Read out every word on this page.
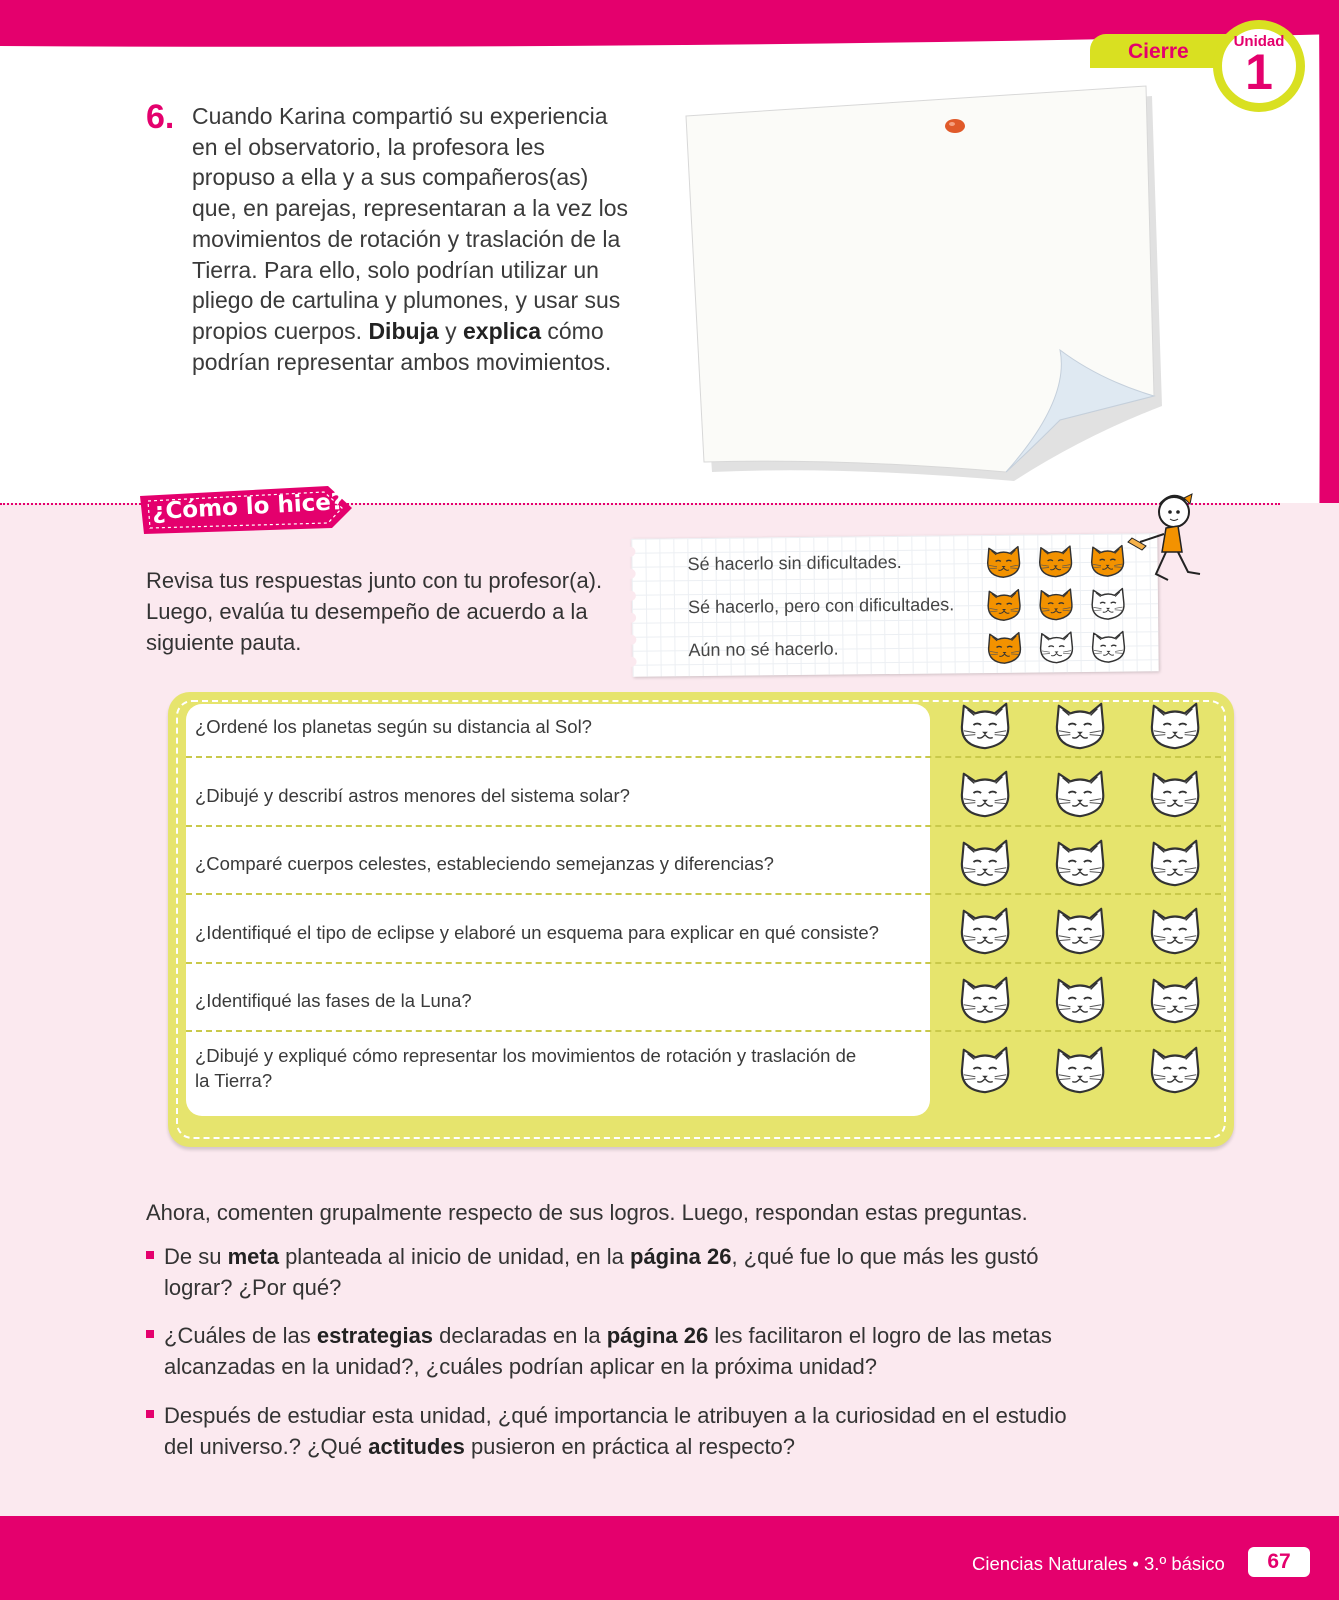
Cierre	Unidad
1
6. Cuando Karina compartió su experiencia en el observatorio, la profesora les propuso a ella y a sus compañeros(as) que, en parejas, representaran a la vez los movimientos de rotación y traslación de la Tierra. Para ello, solo podrían utilizar un pliego de cartulina y plumones, y usar sus propios cuerpos. Dibuja y explica cómo podrían representar ambos movimientos.
¿Cómo lo hice?
Revisa tus respuestas junto con tu profesor(a). Luego, evalúa tu desempeño de acuerdo a la siguiente pauta.
Sé hacerlo sin dificultades.
Sé hacerlo, pero con dificultades.
Aún no sé hacerlo.
¿Ordené los planetas según su distancia al Sol?
¿Dibujé y describí astros menores del sistema solar?
¿Comparé cuerpos celestes, estableciendo semejanzas y diferencias?
¿Identifiqué el tipo de eclipse y elaboré un esquema para explicar en qué consiste?
¿Identifiqué las fases de la Luna?
¿Dibujé y expliqué cómo representar los movimientos de rotación y traslación de la Tierra?
Ahora, comenten grupalmente respecto de sus logros. Luego, respondan estas preguntas.
De su meta planteada al inicio de unidad, en la página 26, ¿qué fue lo que más les gustó lograr? ¿Por qué?
¿Cuáles de las estrategias declaradas en la página 26 les facilitaron el logro de las metas alcanzadas en la unidad?, ¿cuáles podrían aplicar en la próxima unidad?
Después de estudiar esta unidad, ¿qué importancia le atribuyen a la curiosidad en el estudio del universo.? ¿Qué actitudes pusieron en práctica al respecto?
Ciencias Naturales • 3.º básico	67
